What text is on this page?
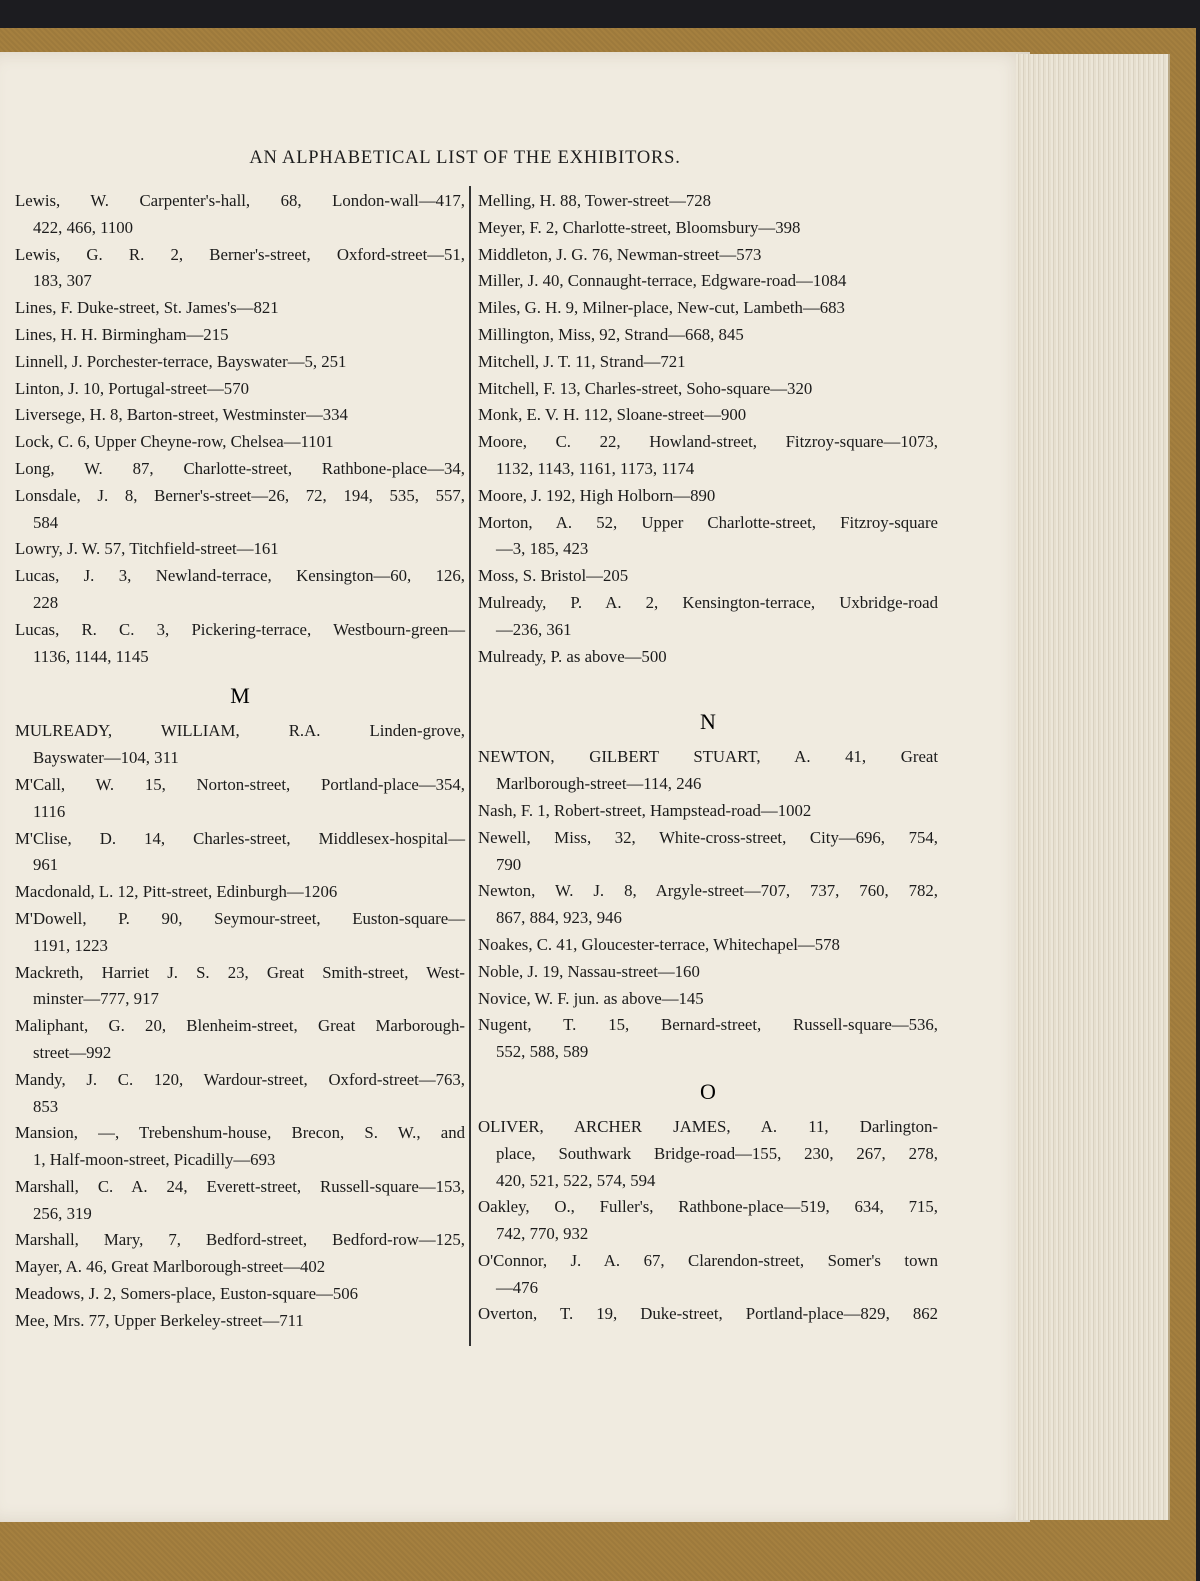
AN ALPHABETICAL LIST OF THE EXHIBITORS.
Lewis, W. Carpenter's-hall, 68, London-wall—417,
422, 466, 1100
Lewis, G. R. 2, Berner's-street, Oxford-street—51,
183, 307
Lines, F. Duke-street, St. James's—821
Lines, H. H. Birmingham—215
Linnell, J. Porchester-terrace, Bayswater—5, 251
Linton, J. 10, Portugal-street—570
Liversege, H. 8, Barton-street, Westminster—334
Lock, C. 6, Upper Cheyne-row, Chelsea—1101
Long, W. 87, Charlotte-street, Rathbone-place—34,
Lonsdale, J. 8, Berner's-street—26, 72, 194, 535, 557,
584
Lowry, J. W. 57, Titchfield-street—161
Lucas, J. 3, Newland-terrace, Kensington—60, 126,
228
Lucas, R. C. 3, Pickering-terrace, Westbourn-green—
1136, 1144, 1145
M
MULREADY, WILLIAM, R.A. Linden-grove,
Bayswater—104, 311
M'Call, W. 15, Norton-street, Portland-place—354,
1116
M'Clise, D. 14, Charles-street, Middlesex-hospital—
961
Macdonald, L. 12, Pitt-street, Edinburgh—1206
M'Dowell, P. 90, Seymour-street, Euston-square—
1191, 1223
Mackreth, Harriet J. S. 23, Great Smith-street, West-
minster—777, 917
Maliphant, G. 20, Blenheim-street, Great Marborough-
street—992
Mandy, J. C. 120, Wardour-street, Oxford-street—763,
853
Mansion, —, Trebenshum-house, Brecon, S. W., and
1, Half-moon-street, Picadilly—693
Marshall, C. A. 24, Everett-street, Russell-square—153,
256, 319
Marshall, Mary, 7, Bedford-street, Bedford-row—125,
Mayer, A. 46, Great Marlborough-street—402
Meadows, J. 2, Somers-place, Euston-square—506
Mee, Mrs. 77, Upper Berkeley-street—711
Melling, H. 88, Tower-street—728
Meyer, F. 2, Charlotte-street, Bloomsbury—398
Middleton, J. G. 76, Newman-street—573
Miller, J. 40, Connaught-terrace, Edgware-road—1084
Miles, G. H. 9, Milner-place, New-cut, Lambeth—683
Millington, Miss, 92, Strand—668, 845
Mitchell, J. T. 11, Strand—721
Mitchell, F. 13, Charles-street, Soho-square—320
Monk, E. V. H. 112, Sloane-street—900
Moore, C. 22, Howland-street, Fitzroy-square—1073,
1132, 1143, 1161, 1173, 1174
Moore, J. 192, High Holborn—890
Morton, A. 52, Upper Charlotte-street, Fitzroy-square
—3, 185, 423
Moss, S. Bristol—205
Mulready, P. A. 2, Kensington-terrace, Uxbridge-road
—236, 361
Mulready, P. as above—500
N
NEWTON, GILBERT STUART, A. 41, Great
Marlborough-street—114, 246
Nash, F. 1, Robert-street, Hampstead-road—1002
Newell, Miss, 32, White-cross-street, City—696, 754,
790
Newton, W. J. 8, Argyle-street—707, 737, 760, 782,
867, 884, 923, 946
Noakes, C. 41, Gloucester-terrace, Whitechapel—578
Noble, J. 19, Nassau-street—160
Novice, W. F. jun. as above—145
Nugent, T. 15, Bernard-street, Russell-square—536,
552, 588, 589
O
OLIVER, ARCHER JAMES, A. 11, Darlington-
place, Southwark Bridge-road—155, 230, 267, 278,
420, 521, 522, 574, 594
Oakley, O., Fuller's, Rathbone-place—519, 634, 715,
742, 770, 932
O'Connor, J. A. 67, Clarendon-street, Somer's town
—476
Overton, T. 19, Duke-street, Portland-place—829, 862
